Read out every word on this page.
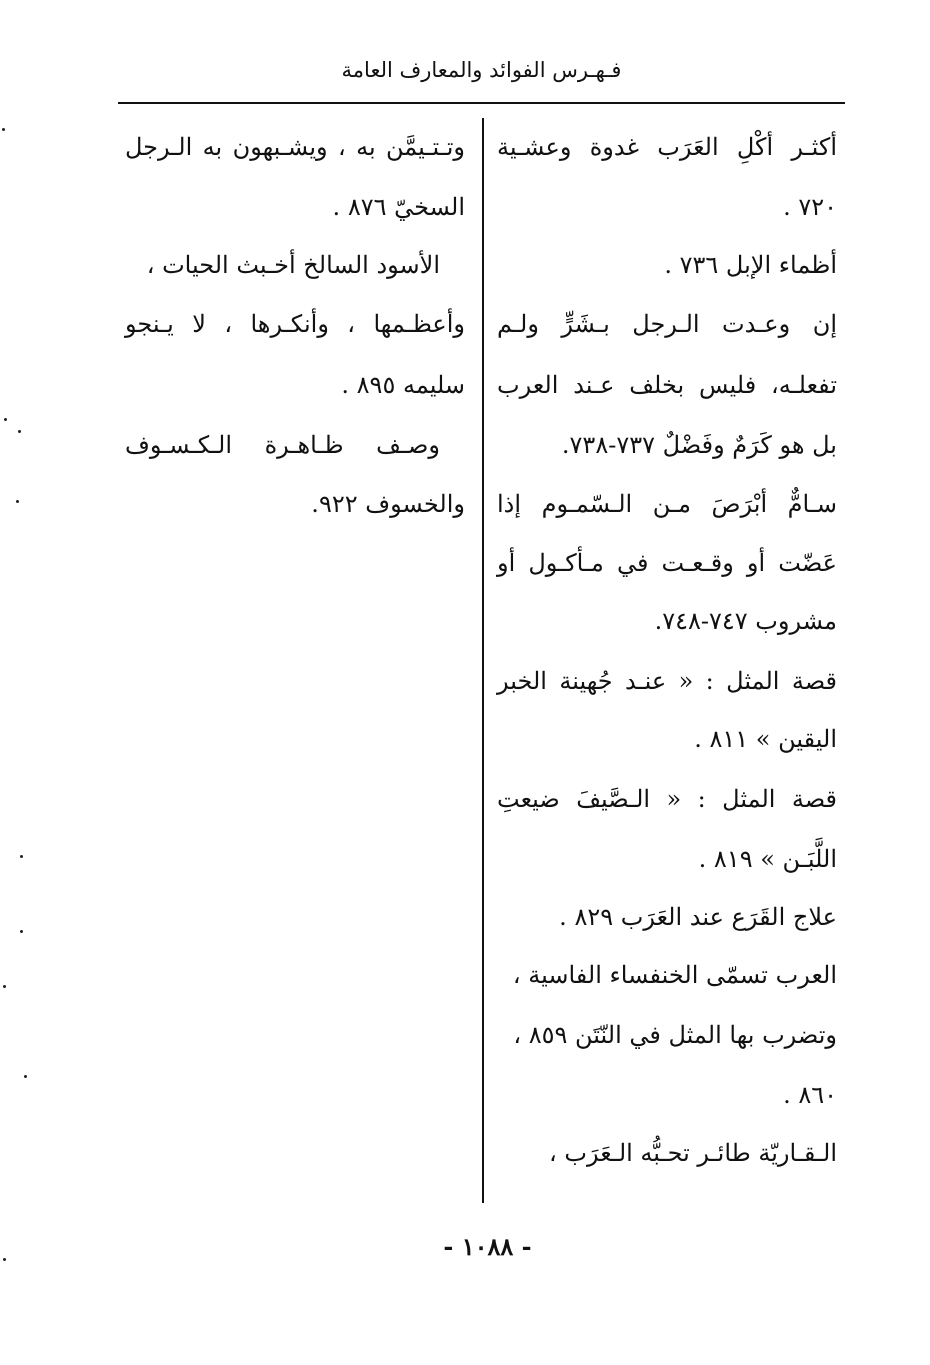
فـهـرس الفوائد والمعارف العامة
أكثـر أكْلِ العَرَب غدوة وعشـية
٧٢٠ .
أظماء الإبل ٧٣٦ .
إن وعـدت الـرجل بـشَرٍّ ولـم
تفعلـه، فليس بخلف عـند العرب
بل هو كَرَمٌ وفَضْلٌ ٧٣٧-٧٣٨.
سـامٌّ أبْرَصَ مـن الـسّمـوم إذا
عَضّت أو وقـعـت في مـأكـول أو
مشروب ٧٤٧-٧٤٨.
قصة المثل : « عنـد جُهينة الخبر
اليقين » ٨١١ .
قصة المثل : « الـصَّيفَ ضيعتِ
اللَّبَـن » ٨١٩ .
علاج القَرَع عند العَرَب ٨٢٩ .
العرب تسمّى الخنفساء الفاسية ،
وتضرب بها المثل في النّتَن ٨٥٩ ،
٨٦٠ .
الـقـاريّة طائـر تحـبُّه الـعَرَب ،
وتـتـيمَّن به ، ويشـبهون به الـرجل
السخيّ ٨٧٦ .
الأسود السالخ أخـبث الحيات ،
وأعظـمها ، وأنكـرها ، لا يـنجو
سليمه ٨٩٥ .
وصـف ظـاهـرة الـكـسـوف
والخسوف ٩٢٢.
- ١٠٨٨ -
